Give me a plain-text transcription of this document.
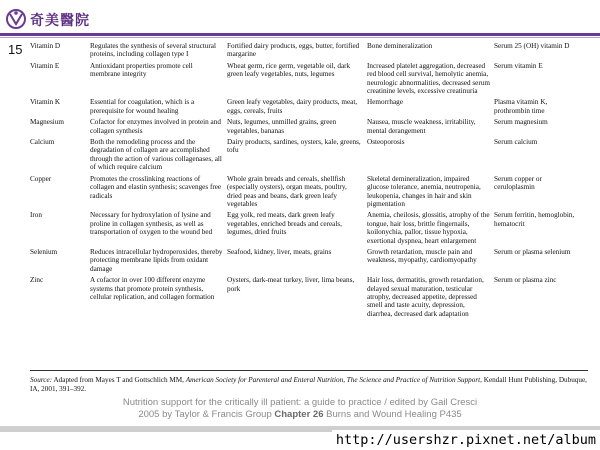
奇美醫院
15 Vitamin D	Regulates the synthesis of several structural proteins, including collagen type I	Fortified dairy products, eggs, butter, fortified margarine	Bone demineralization	Serum 25 (OH) vitamin D
Vitamin E	Antioxidant properties promote cell membrane integrity	Wheat germ, rice germ, vegetable oil, dark green leafy vegetables, nuts, legumes	Increased platelet aggregation, decreased red blood cell survival, hemolytic anemia, neurologic abnormalities, decreased serum creatinine levels, excessive creatinuria	Serum vitamin E
Vitamin K	Essential for coagulation, which is a prerequisite for wound healing	Green leafy vegetables, dairy products, meat, eggs, cereals, fruits	Hemorrhage	Plasma vitamin K, prothrombin time
Magnesium	Cofactor for enzymes involved in protein and collagen synthesis	Nuts, legumes, unmilled grains, green vegetables, bananas	Nausea, muscle weakness, irritability, mental derangement	Serum magnesium
Calcium	Both the remodeling process and the degradation of collagen are accomplished through the action of various collagenases, all of which require calcium	Dairy products, sardines, oysters, kale, greens, tofu	Osteoporosis	Serum calcium
Copper	Promotes the crosslinking reactions of collagen and elastin synthesis; scavenges free radicals	Whole grain breads and cereals, shellfish (especially oysters), organ meats, poultry, dried peas and beans, dark green leafy vegetables	Skeletal demineralization, impaired glucose tolerance, anemia, neutropenia, leukopenia, changes in hair and skin pigmentation	Serum copper or ceruloplasmin
Iron	Necessary for hydroxylation of lysine and proline in collagen synthesis, as well as transportation of oxygen to the wound bed	Egg yolk, red meats, dark green leafy vegetables, enriched breads and cereals, legumes, dried fruits	Anemia, cheilosis, glossitis, atrophy of the tongue, hair loss, brittle fingernails, koilonychia, pallor, tissue hypoxia, exertional dyspnea, heart enlargement	Serum ferritin, hemoglobin, hematocrit
Selenium	Reduces intracellular hydroperoxides, thereby protecting membrane lipids from oxidant damage	Seafood, kidney, liver, meats, grains	Growth retardation, muscle pain and weakness, myopathy, cardiomyopathy	Serum or plasma selenium
Zinc	A cofactor in over 100 different enzyme systems that promote protein synthesis, cellular replication, and collagen formation	Oysters, dark-meat turkey, liver, lima beans, pork	Hair loss, dermatitis, growth retardation, delayed sexual maturation, testicular atrophy, decreased appetite, depressed smell and taste acuity, depression, diarrhea, decreased dark adaptation	Serum or plasma zinc
Source: Adapted from Mayes T and Gottschlich MM, American Society for Parenteral and Enteral Nutrition, The Science and Practice of Nutrition Support, Kendall Hunt Publishing, Dubuque, IA, 2001, 391–392.
Nutrition support for the critically ill patient: a guide to practice / edited by Gail Cresci
2005 by Taylor & Francis Group Chapter 26 Burns and Wound Healing P435
http://usershzr.pixnet.net/album
